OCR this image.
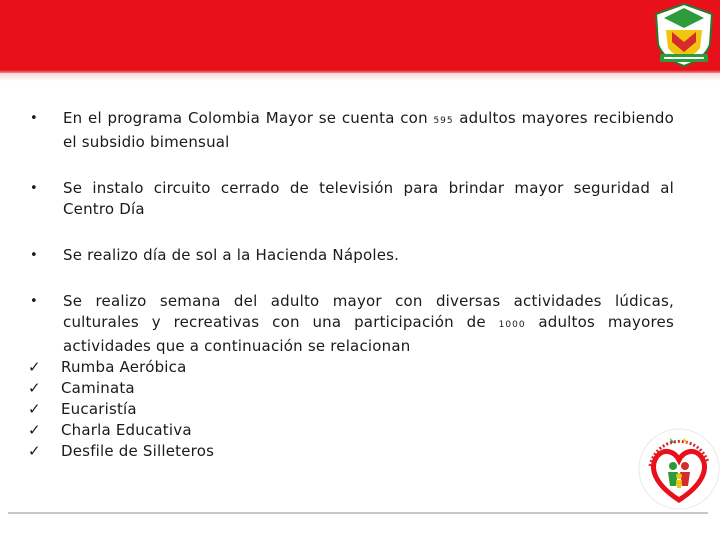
•	En el programa Colombia Mayor se cuenta con 595 adultos mayores recibiendo el subsidio bimensual
•	Se instalo circuito cerrado de televisión para brindar mayor seguridad al Centro Día
•	Se realizo día de sol a la Hacienda Nápoles.
•	Se realizo semana del adulto mayor con diversas actividades lúdicas, culturales y recreativas con una participación de 1000 adultos mayores actividades que a continuación se relacionan
✓	Rumba Aeróbica
✓	Caminata
✓	Eucaristía
✓	Charla Educativa
✓	Desfile de Silleteros
